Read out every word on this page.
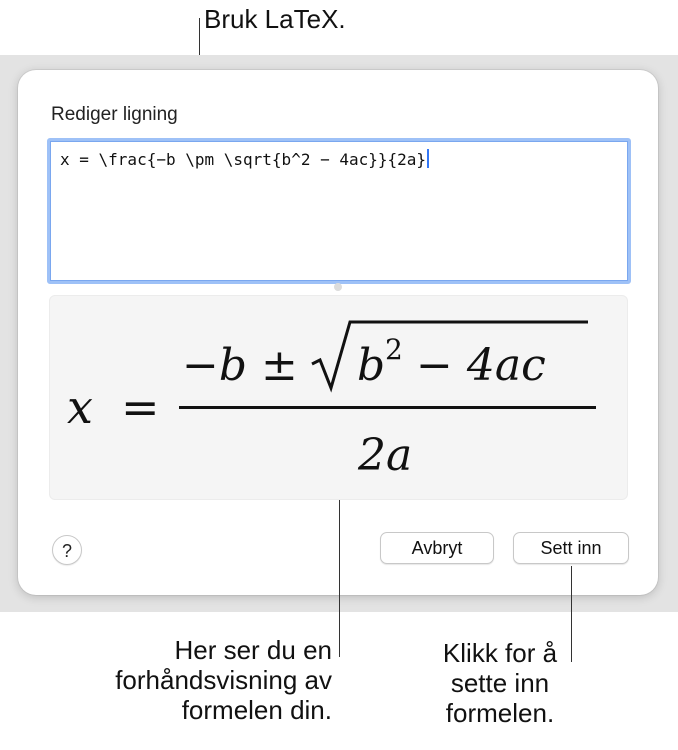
Bruk LaTeX.
Rediger ligning
x = \frac{−b \pm \sqrt{b^2 − 4ac}}{2a}
x =
−b ± b 2 − 4ac
2a
?	Avbryt	Sett inn
Her ser du en
forhåndsvisning av
formelen din.
Klikk for å
sette inn
formelen.
